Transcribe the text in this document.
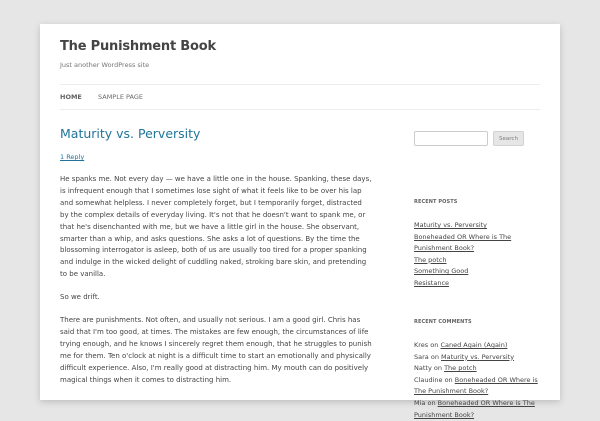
The Punishment Book
Just another WordPress site
HOME SAMPLE PAGE
Maturity vs. Perversity
1 Reply

He spanks me. Not every day — we have a little one in the house. Spanking, these days, is infrequent enough that I sometimes lose sight of what it feels like to be over his lap and somewhat helpless. I never completely forget, but I temporarily forget, distracted by the complex details of everyday living. It's not that he doesn't want to spank me, or that he's disenchanted with me, but we have a little girl in the house. She observant, smarter than a whip, and asks questions. She asks a lot of questions. By the time the blossoming interrogator is asleep, both of us are usually too tired for a proper spanking and indulge in the wicked delight of cuddling naked, stroking bare skin, and pretending to be vanilla.

So we drift.

There are punishments. Not often, and usually not serious. I am a good girl. Chris has said that I'm too good, at times. The mistakes are few enough, the circumstances of life trying enough, and he knows I sincerely regret them enough, that he struggles to punish me for them. Ten o'clock at night is a difficult time to start an emotionally and physically difficult experience. Also, I'm really good at distracting him. My mouth can do positively magical things when it comes to distracting him.

Search
RECENT POSTS
Maturity vs. Perversity
Boneheaded OR Where is The Punishment Book?
The potch
Something Good
Resistance
RECENT COMMENTS
Kres on Caned Again (Again)
Sara on Maturity vs. Perversity
Natty on The potch
Claudine on Boneheaded OR Where is The Punishment Book?
Mia on Boneheaded OR Where is The Punishment Book?
